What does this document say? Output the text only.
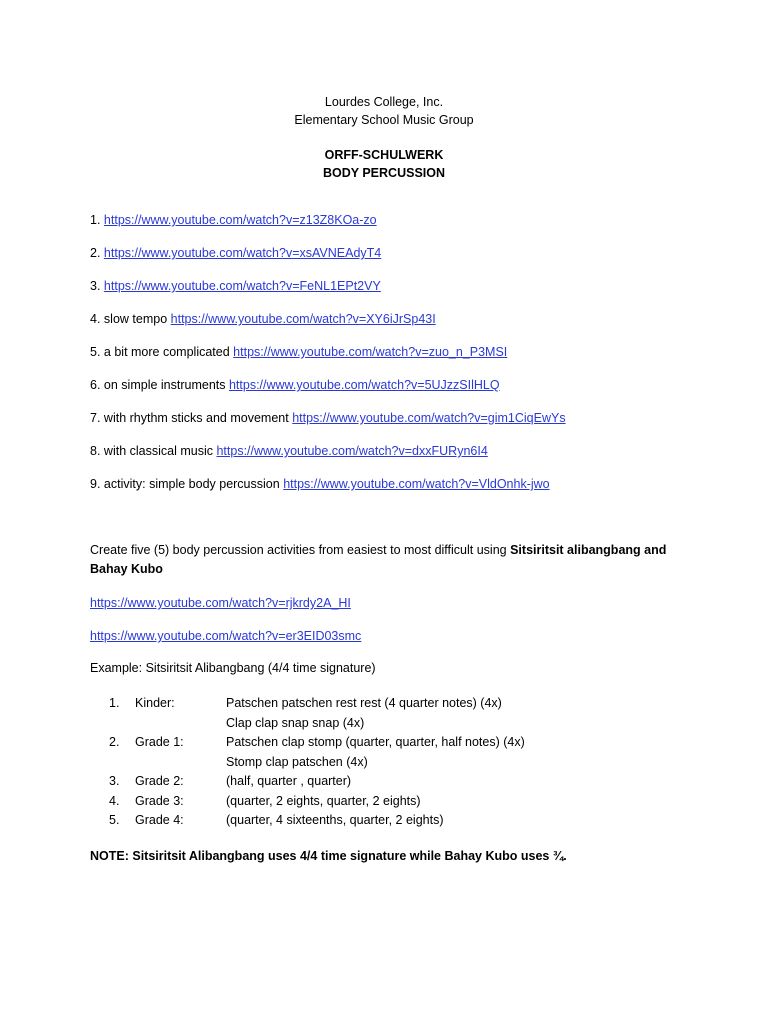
Lourdes College, Inc.
Elementary School Music Group
ORFF-SCHULWERK
BODY PERCUSSION
1. https://www.youtube.com/watch?v=z13Z8KOa-zo
2. https://www.youtube.com/watch?v=xsAVNEAdyT4
3. https://www.youtube.com/watch?v=FeNL1EPt2VY
4. slow tempo https://www.youtube.com/watch?v=XY6iJrSp43I
5. a bit more complicated https://www.youtube.com/watch?v=zuo_n_P3MSI
6. on simple instruments https://www.youtube.com/watch?v=5UJzzSIlHLQ
7. with rhythm sticks and movement https://www.youtube.com/watch?v=gim1CiqEwYs
8. with classical music https://www.youtube.com/watch?v=dxxFURyn6I4
9. activity: simple body percussion https://www.youtube.com/watch?v=VldOnhk-jwo
Create five (5) body percussion activities from easiest to most difficult using Sitsiritsit alibangbang and Bahay Kubo
https://www.youtube.com/watch?v=rjkrdy2A_HI
https://www.youtube.com/watch?v=er3EID03smc
Example: Sitsiritsit Alibangbang (4/4 time signature)
1.	Kinder:	Patschen patschen rest rest (4 quarter notes) (4x)
Clap clap snap snap (4x)
2.	Grade 1:	Patschen clap stomp (quarter, quarter, half notes) (4x)
Stomp clap patschen (4x)
3.	Grade 2:	(half, quarter , quarter)
4.	Grade 3:	(quarter, 2 eights, quarter, 2 eights)
5.	Grade 4:	(quarter, 4 sixteenths, quarter, 2 eights)
NOTE: Sitsiritsit Alibangbang uses 4/4 time signature while Bahay Kubo uses ¾.
